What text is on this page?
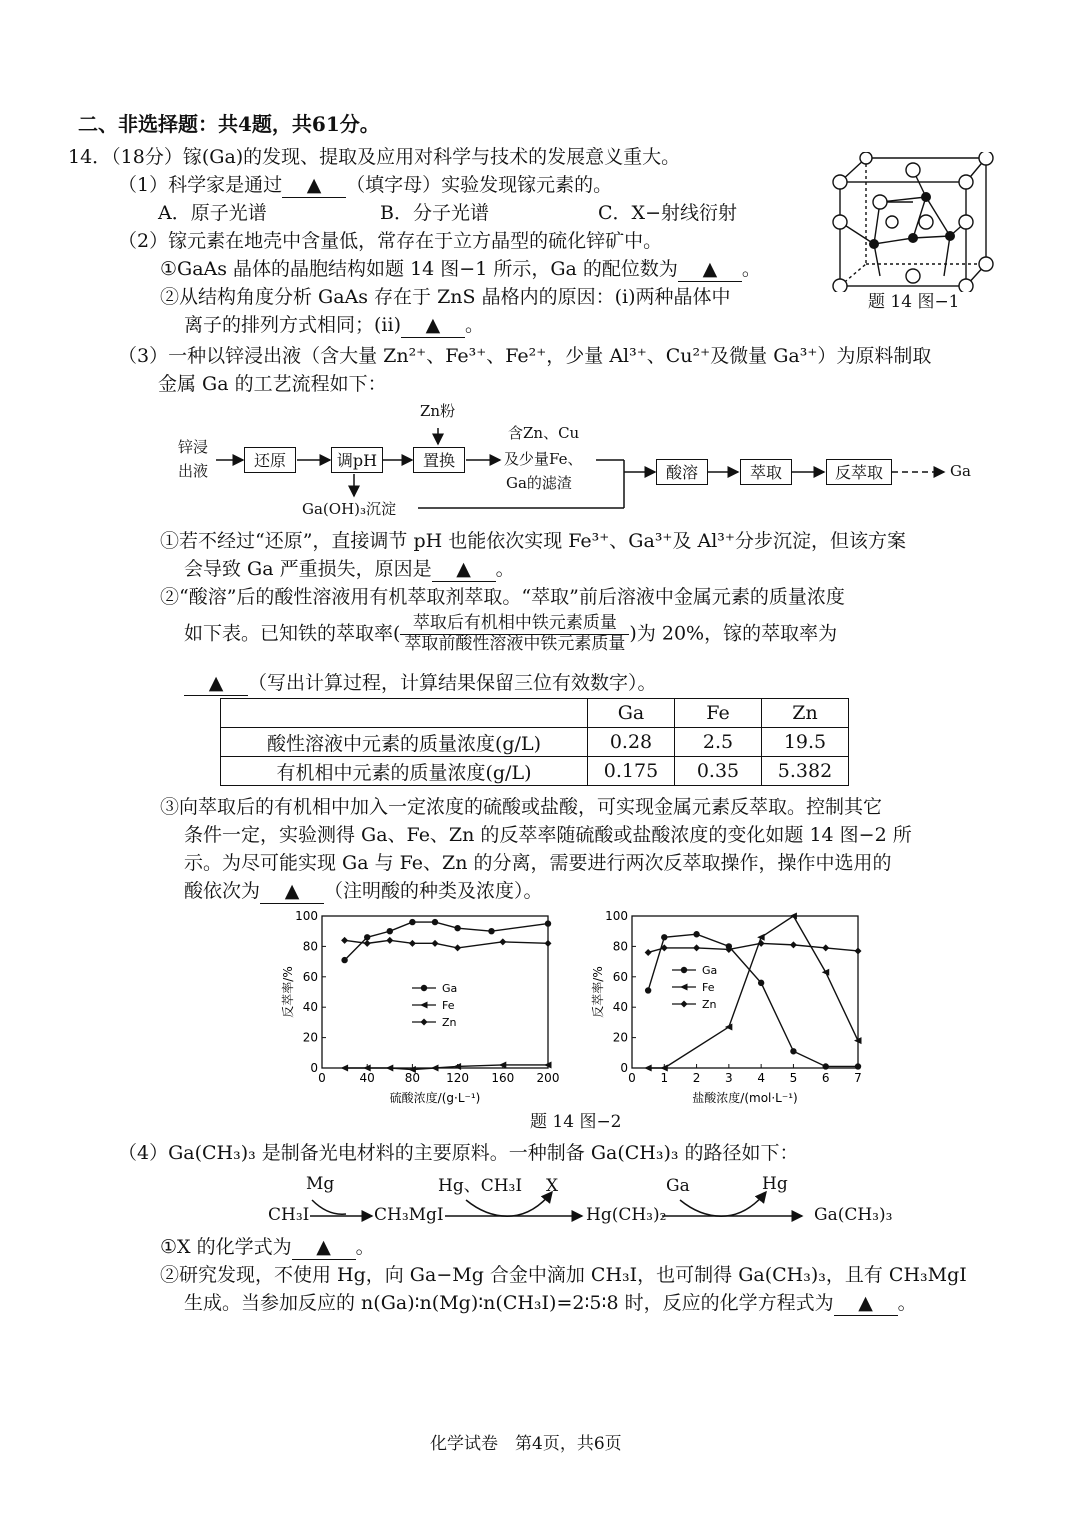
二、非选择题：共4题，共61分。
14．（18分）镓(Ga)的发现、提取及应用对科学与技术的发展意义重大。
（1）科学家是通过 ▲ （填字母）实验发现镓元素的。
A．原子光谱	B．分子光谱	C．X−射线衍射
（2）镓元素在地壳中含量低，常存在于立方晶型的硫化锌矿中。
①GaAs 晶体的晶胞结构如题 14 图−1 所示，Ga 的配位数为 ▲ 。
②从结构角度分析 GaAs 存在于 ZnS 晶格内的原因：(i)两种晶体中
离子的排列方式相同；(ii) ▲ 。
题 14 图−1
（3）一种以锌浸出液（含大量 Zn²⁺、Fe³⁺、Fe²⁺，少量 Al³⁺、Cu²⁺及微量 Ga³⁺）为原料制取
金属 Ga 的工艺流程如下：
锌浸
出液
还原	调pH	置换
Zn粉
Ga(OH)₃沉淀
含Zn、Cu
及少量Fe、
Ga的滤渣
酸溶	萃取	反萃取	Ga
①若不经过“还原”，直接调节 pH 也能依次实现 Fe³⁺、Ga³⁺及 Al³⁺分步沉淀，但该方案
会导致 Ga 严重损失，原因是 ▲ 。
②“酸溶”后的酸性溶液用有机萃取剂萃取。“萃取”前后溶液中金属元素的质量浓度
如下表。已知铁的萃取率( $\frac{\text{萃取后有机相中铁元素质量}}{\text{萃取前酸性溶液中铁元素质量}}$ )为 20%，镓的萃取率为
▲ （写出计算过程，计算结果保留三位有效数字）。
	Ga	Fe	Zn
酸性溶液中元素的质量浓度(g/L)	0.28	2.5	19.5
有机相中元素的质量浓度(g/L)	0.175	0.35	5.382
③向萃取后的有机相中加入一定浓度的硫酸或盐酸，可实现金属元素反萃取。控制其它
条件一定，实验测得 Ga、Fe、Zn 的反萃率随硫酸或盐酸浓度的变化如题 14 图−2 所
示。为尽可能实现 Ga 与 Fe、Zn 的分离，需要进行两次反萃取操作，操作中选用的
酸依次为 ▲ （注明酸的种类及浓度）。
0	40 80 120 160 200
0
20
40
60
80
100
硫酸浓度/(g·L⁻¹)
反萃率/%	Ga
Fe
Zn
0 1 2 3 4 5 6 7
0
20
40
60
80
100
盐酸浓度/(mol·L⁻¹)
反萃率/%	Ga
Fe
Zn
题 14 图−2
（4）Ga(CH₃)₃ 是制备光电材料的主要原料。一种制备 Ga(CH₃)₃ 的路径如下：
Mg	Hg、CH₃I X	Ga	Hg
CH₃I	CH₃MgI	Hg(CH₃)₂	Ga(CH₃)₃
①X 的化学式为 ▲ 。
②研究发现，不使用 Hg，向 Ga−Mg 合金中滴加 CH₃I，也可制得 Ga(CH₃)₃，且有 CH₃MgI
生成。当参加反应的 n(Ga)∶n(Mg)∶n(CH₃I)=2∶5∶8 时，反应的化学方程式为 ▲ 。
化学试卷　第4页，共6页
